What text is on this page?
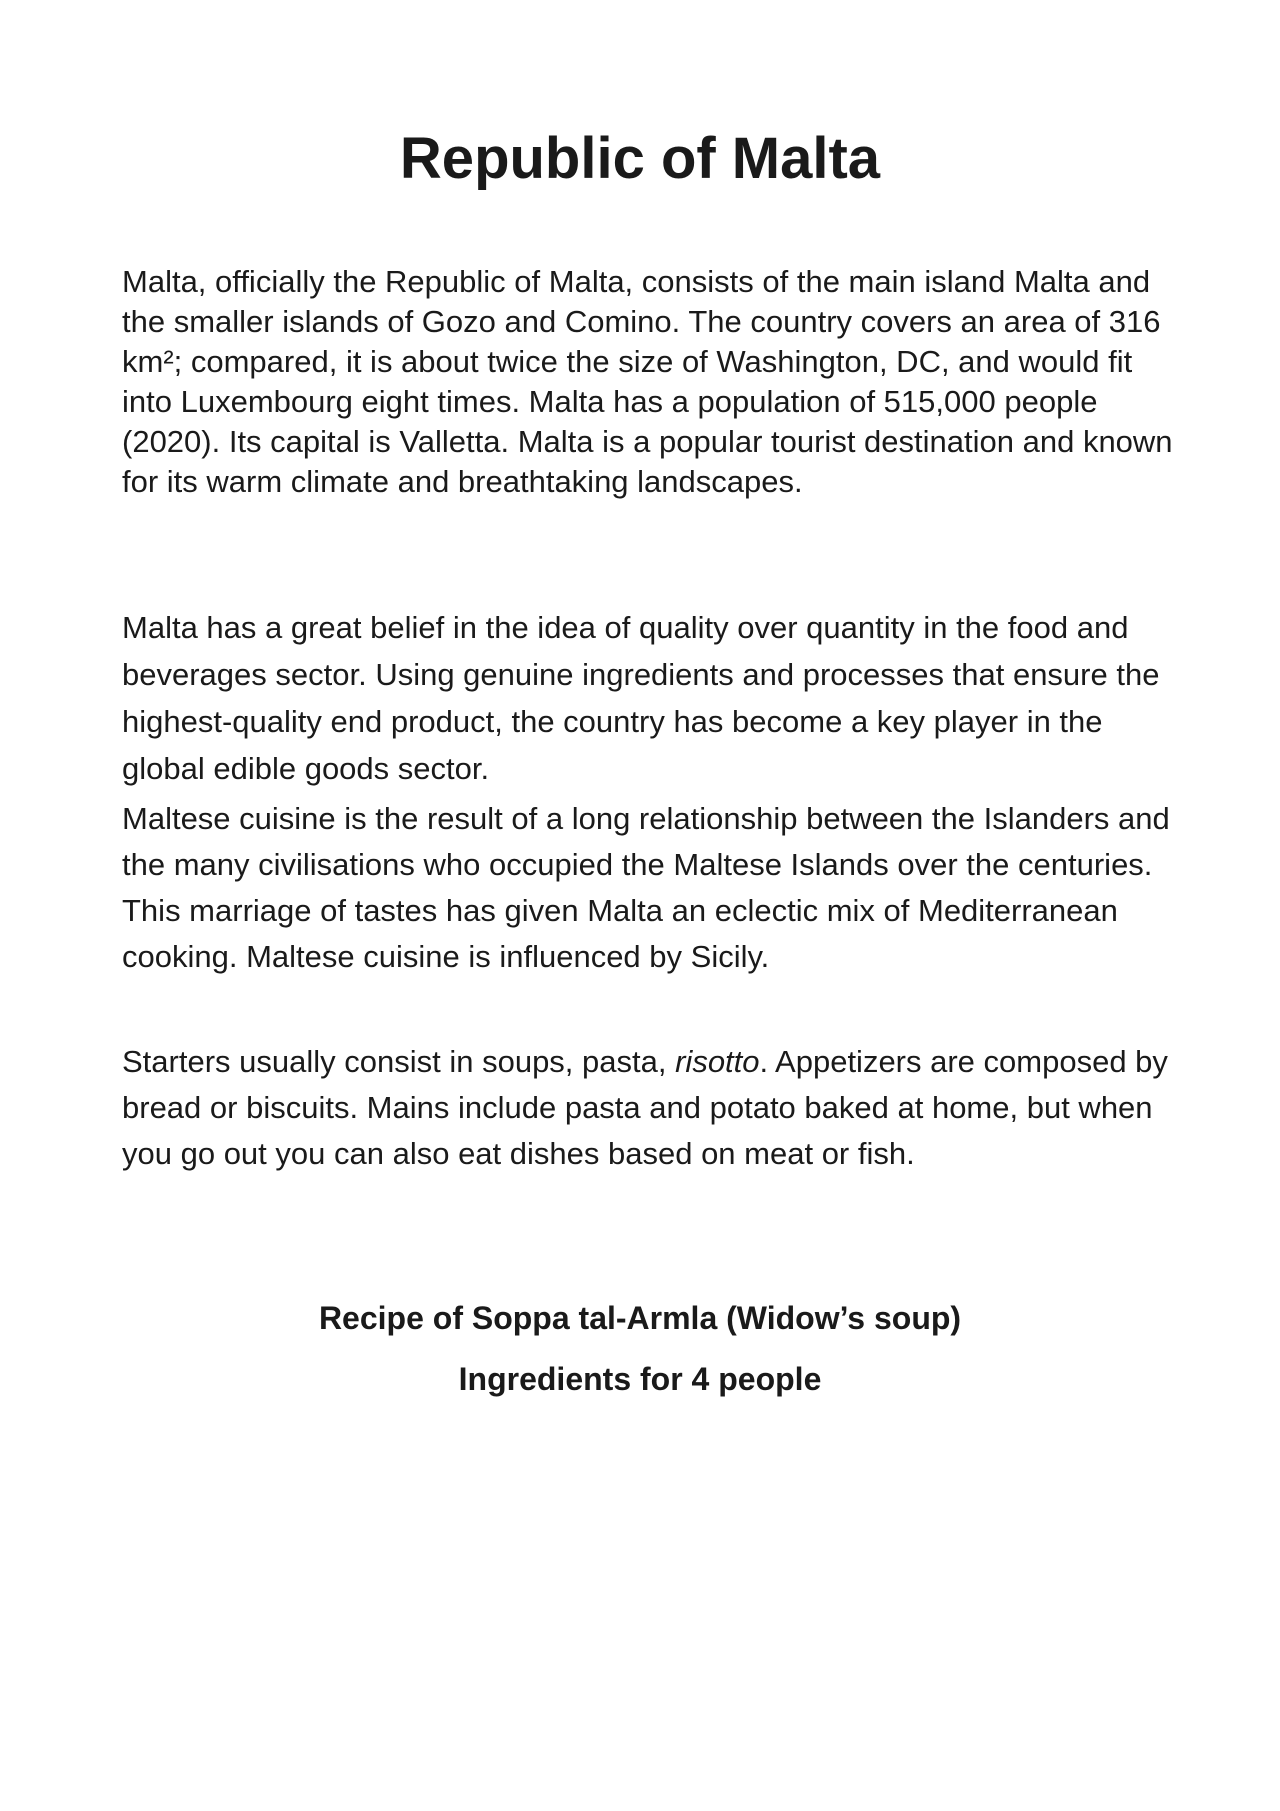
Republic of Malta

Malta, officially the Republic of Malta, consists of the main island Malta and the smaller islands of Gozo and Comino. The country covers an area of 316 km²; compared, it is about twice the size of Washington, DC, and would fit into Luxembourg eight times. Malta has a population of 515,000 people (2020). Its capital is Valletta. Malta is a popular tourist destination and known for its warm climate and breathtaking landscapes.

Malta has a great belief in the idea of quality over quantity in the food and beverages sector. Using genuine ingredients and processes that ensure the highest-quality end product, the country has become a key player in the global edible goods sector.

Maltese cuisine is the result of a long relationship between the Islanders and the many civilisations who occupied the Maltese Islands over the centuries. This marriage of tastes has given Malta an eclectic mix of Mediterranean cooking. Maltese cuisine is influenced by Sicily.

Starters usually consist in soups, pasta, risotto. Appetizers are composed by bread or biscuits. Mains include pasta and potato baked at home, but when you go out you can also eat dishes based on meat or fish.

Recipe of Soppa tal-Armla (Widow’s soup)
Ingredients for 4 people
